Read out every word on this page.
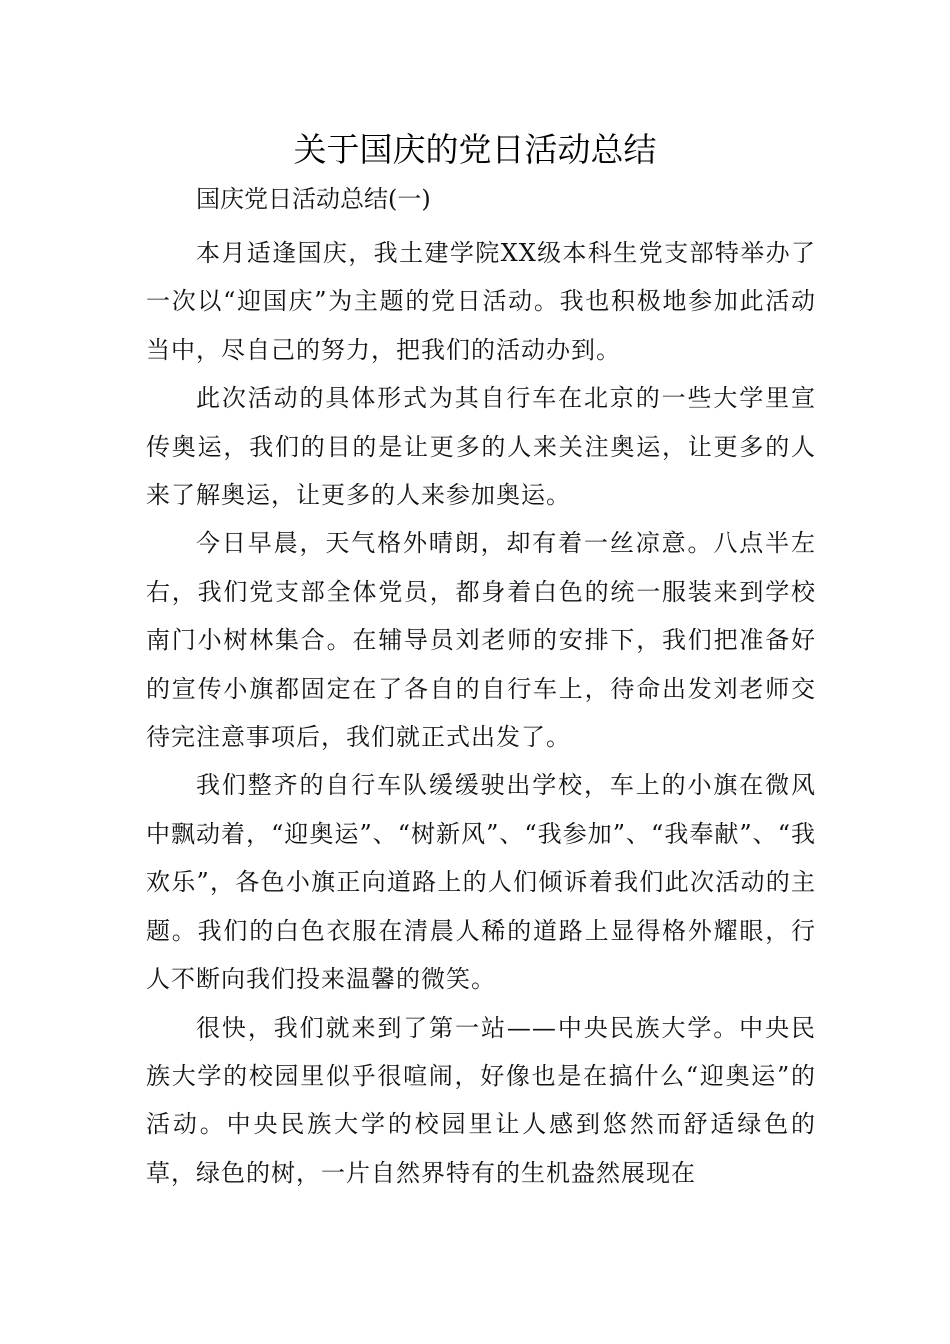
关于国庆的党日活动总结

国庆党日活动总结(一)

本月适逢国庆，我土建学院XX级本科生党支部特举办了一次以“迎国庆”为主题的党日活动。我也积极地参加此活动当中，尽自己的努力，把我们的活动办到。

此次活动的具体形式为其自行车在北京的一些大学里宣传奥运，我们的目的是让更多的人来关注奥运，让更多的人来了解奥运，让更多的人来参加奥运。

今日早晨，天气格外晴朗，却有着一丝凉意。八点半左右，我们党支部全体党员，都身着白色的统一服装来到学校南门小树林集合。在辅导员刘老师的安排下，我们把准备好的宣传小旗都固定在了各自的自行车上，待命出发刘老师交待完注意事项后，我们就正式出发了。

我们整齐的自行车队缓缓驶出学校，车上的小旗在微风中飘动着，“迎奥运”、“树新风”、“我参加”、“我奉献”、“我欢乐”，各色小旗正向道路上的人们倾诉着我们此次活动的主题。我们的白色衣服在清晨人稀的道路上显得格外耀眼，行人不断向我们投来温馨的微笑。

很快，我们就来到了第一站——中央民族大学。中央民族大学的校园里似乎很喧闹，好像也是在搞什么“迎奥运”的活动。中央民族大学的校园里让人感到悠然而舒适绿色的草，绿色的树，一片自然界特有的生机盎然展现在
